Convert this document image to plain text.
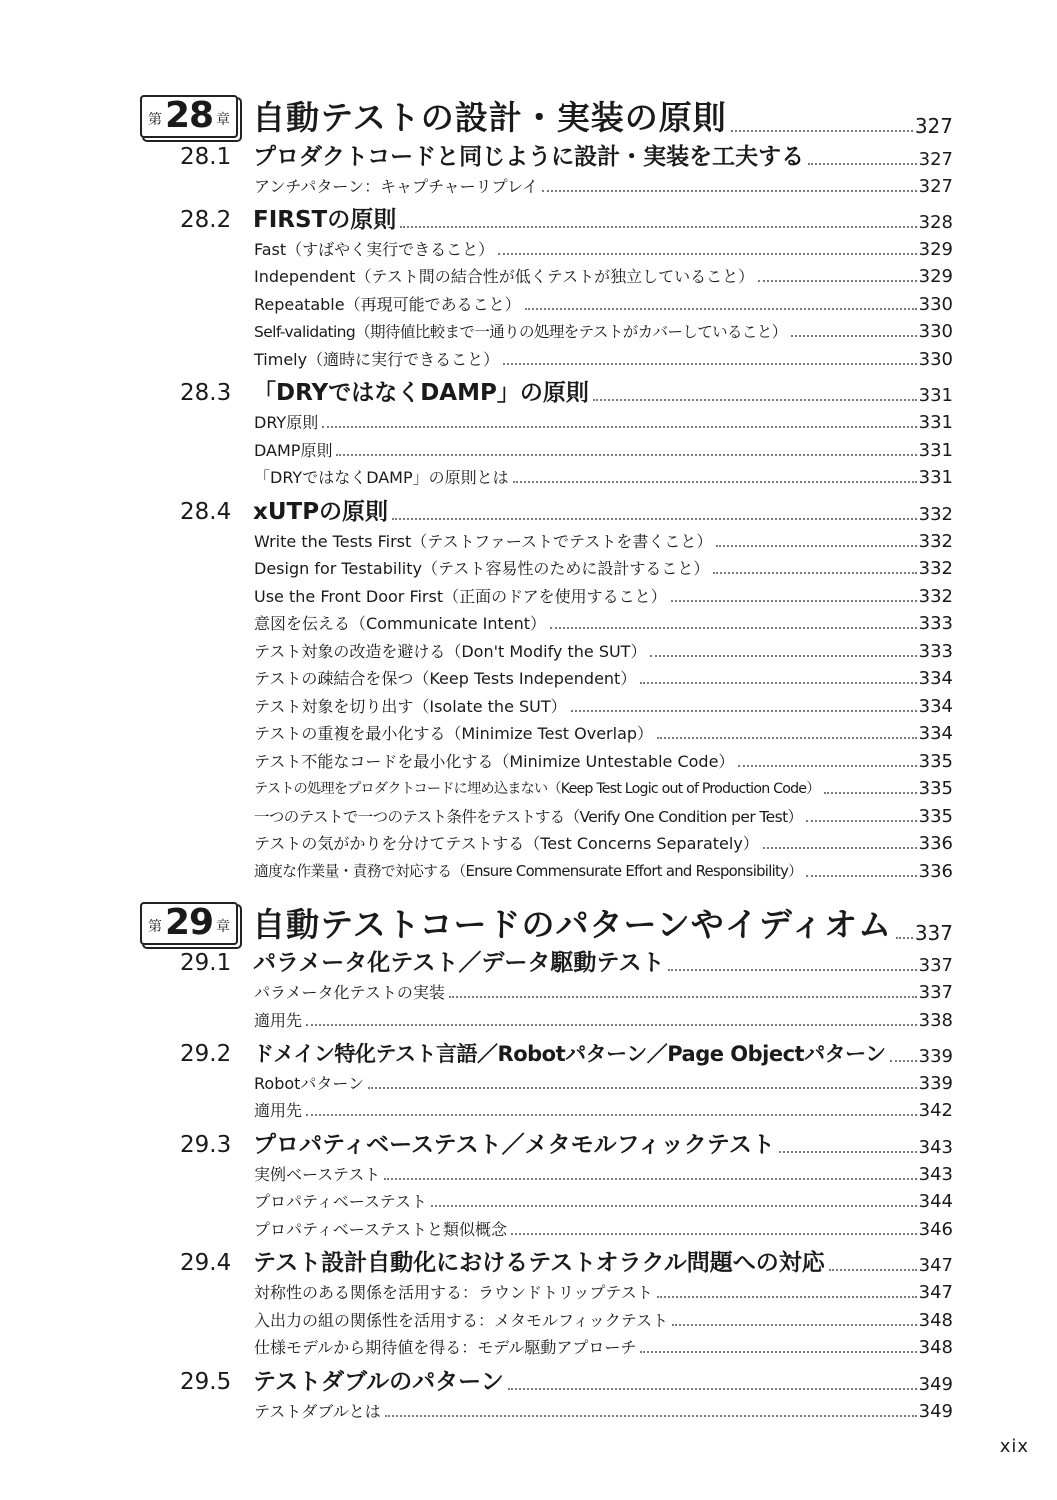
第 28 章 自動テストの設計・実装の原則	327
28.1 プロダクトコードと同じように設計・実装を工夫する	327
アンチパターン：キャプチャーリプレイ	327
28.2 FIRSTの原則	328
Fast（すばやく実行できること）	329
Independent（テスト間の結合性が低くテストが独立していること）	329
Repeatable（再現可能であること）	330
Self-validating（期待値比較まで一通りの処理をテストがカバーしていること）	330
Timely（適時に実行できること）	330
28.3 「DRYではなくDAMP」の原則	331
DRY原則	331
DAMP原則	331
「DRYではなくDAMP」の原則とは	331
28.4 xUTPの原則	332
Write the Tests First（テストファーストでテストを書くこと）	332
Design for Testability（テスト容易性のために設計すること）	332
Use the Front Door First（正面のドアを使用すること）	332
意図を伝える（Communicate Intent）	333
テスト対象の改造を避ける（Don't Modify the SUT）	333
テストの疎結合を保つ（Keep Tests Independent）	334
テスト対象を切り出す（Isolate the SUT）	334
テストの重複を最小化する（Minimize Test Overlap）	334
テスト不能なコードを最小化する（Minimize Untestable Code）	335
テストの処理をプロダクトコードに埋め込まない（Keep Test Logic out of Production Code）	335
一つのテストで一つのテスト条件をテストする（Verify One Condition per Test）	335
テストの気がかりを分けてテストする（Test Concerns Separately）	336
適度な作業量・責務で対応する（Ensure Commensurate Effort and Responsibility）	336
第 29 章 自動テストコードのパターンやイディオム 337
29.1 パラメータ化テスト／データ駆動テスト	337
パラメータ化テストの実装	337
適用先	338
29.2	ドメイン特化テスト言語／Robotパターン／Page Objectパターン 339
Robotパターン	339
適用先	342
29.3 プロパティベーステスト／メタモルフィックテスト	343
実例ベーステスト	343
プロパティベーステスト	344
プロパティベーステストと類似概念	346
29.4 テスト設計自動化におけるテストオラクル問題への対応	347
対称性のある関係を活用する：ラウンドトリップテスト	347
入出力の組の関係性を活用する：メタモルフィックテスト	348
仕様モデルから期待値を得る：モデル駆動アプローチ	348
29.5 テストダブルのパターン	349
テストダブルとは	349
xix
